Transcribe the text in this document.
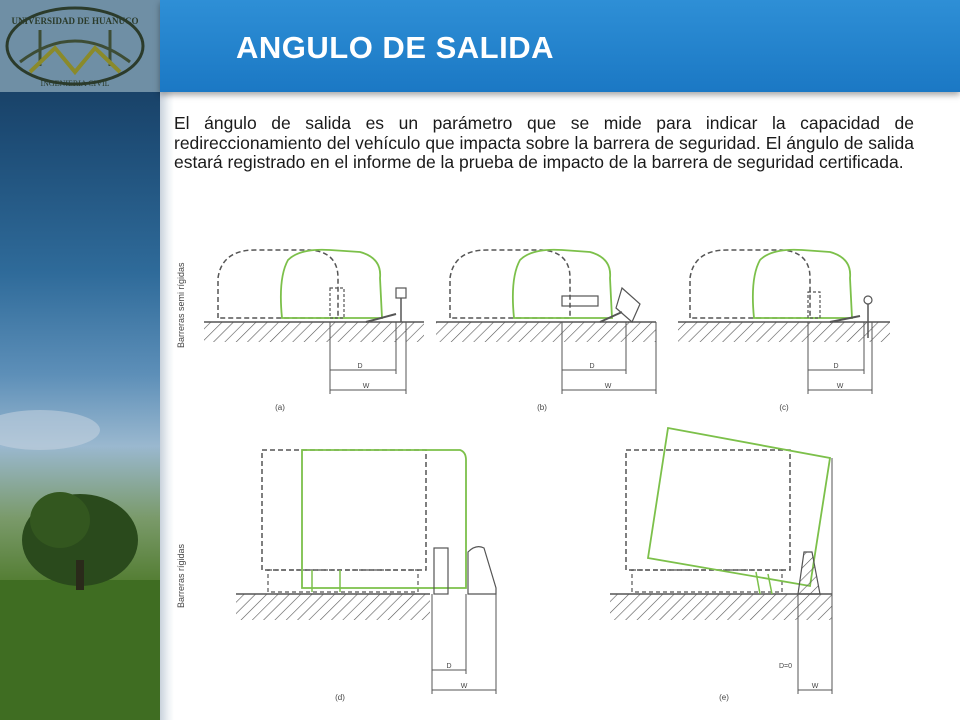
UNIVERSIDAD DE HUANUCO
INGENIERIA CIVIL
ANGULO DE SALIDA

El ángulo de salida es un parámetro que se mide para indicar la capacidad de redireccionamiento del vehículo que impacta sobre la barrera de seguridad. El ángulo de salida estará registrado en el informe de la prueba de impacto de la barrera de seguridad certificada.

Barreras semi rígidas
D
W
(a)
D
W
(b)
D
W
(c)
Barreras rígidas
D
W
(d)
D=0
W
(e)
